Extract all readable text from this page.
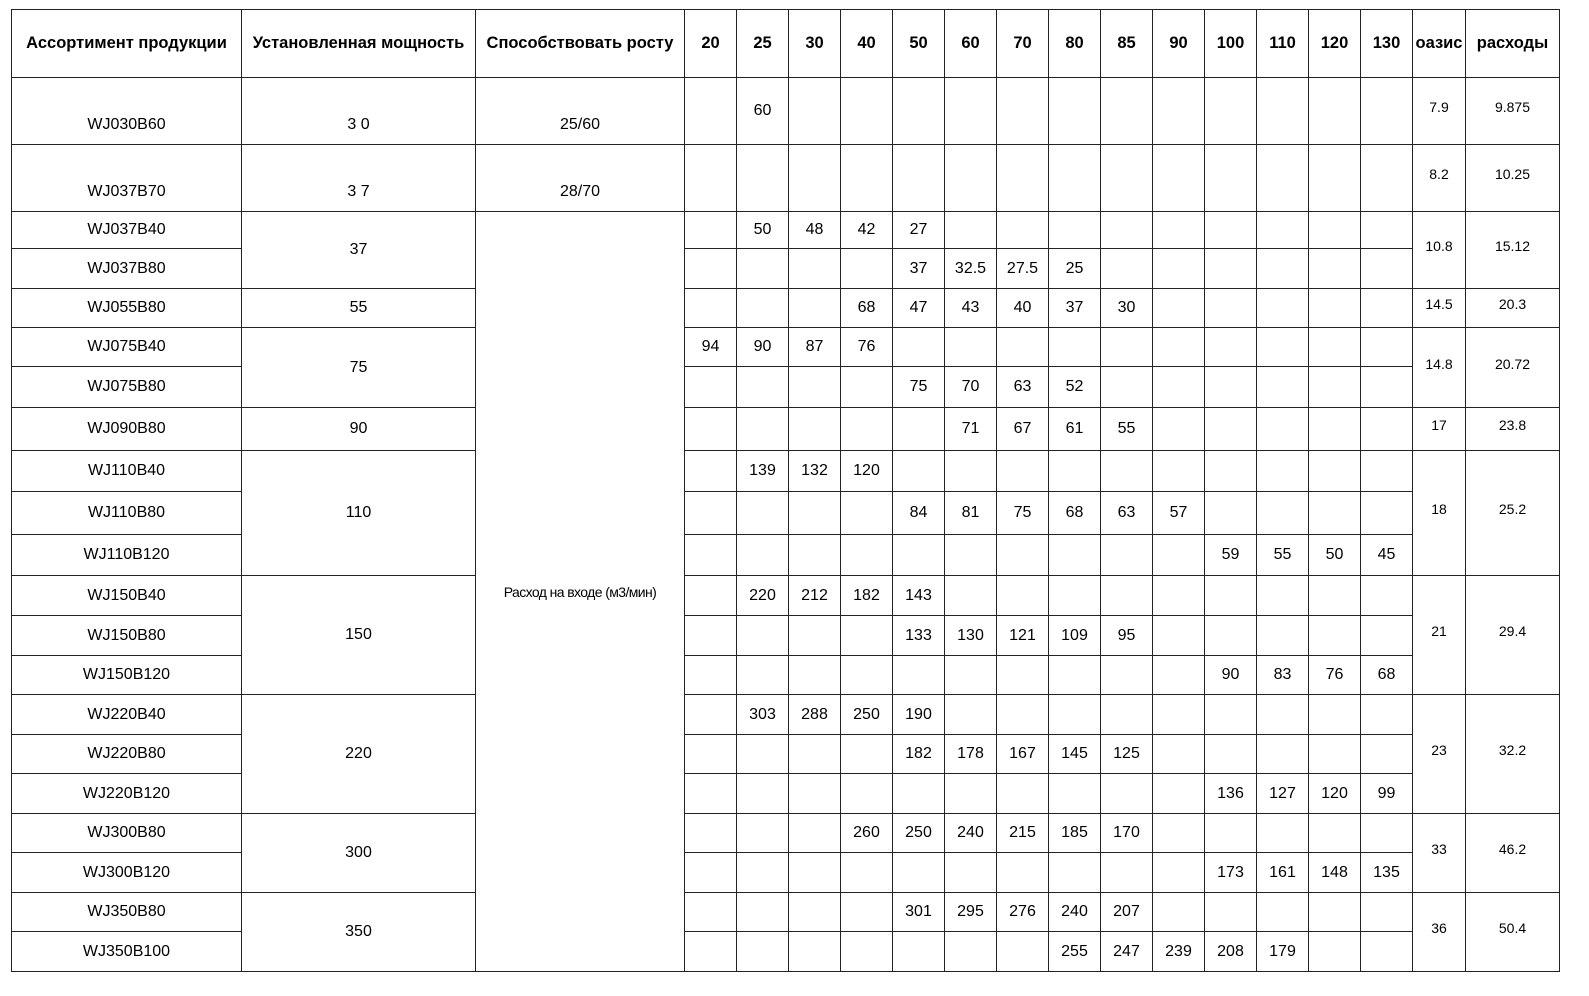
Ассортимент продукции	Установленная мощность	Способствовать росту	20	25	30	40	50	60	70	80	85	90	100	110	120	130	оазис	расходы
WJ030B60	3 0	25/60		60													7.9	9.875
WJ037B70	3 7	28/70															8.2	10.25
WJ037B40	37	Расход на входе (м3/мин)		50	48	42	27										10.8	15.12
WJ037B80							37	32.5	27.5	25								
WJ055B80	55					68	47	43	40	37	30						14.5	20.3
WJ075B40	75		94	90	87	76											14.8	20.72
WJ075B80							75	70	63	52								
WJ090B80	90							71	67	61	55						17	23.8
WJ110B40	110			139	132	120											18	25.2
WJ110B80							84	81	75	68	63	57						
WJ110B120													59	55	50	45		
WJ150B40	150			220	212	182	143										21	29.4
WJ150B80							133	130	121	109	95							
WJ150B120													90	83	76	68		
WJ220B40	220			303	288	250	190										23	32.2
WJ220B80							182	178	167	145	125							
WJ220B120													136	127	120	99		
WJ300B80	300					260	250	240	215	185	170						33	46.2
WJ300B120													173	161	148	135		
WJ350B80	350						301	295	276	240	207						36	50.4
WJ350B100										255	247	239	208	179				
